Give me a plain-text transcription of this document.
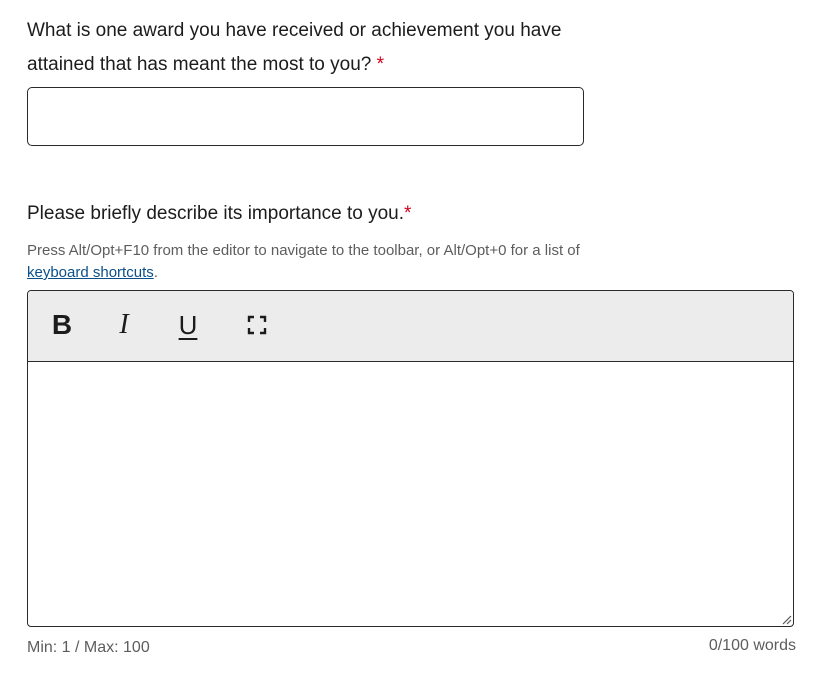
What is one award you have received or achievement you have attained that has meant the most to you? *
Please briefly describe its importance to you.*
Press Alt/Opt+F10 from the editor to navigate to the toolbar, or Alt/Opt+0 for a list of
keyboard shortcuts.
B I U
Min: 1 / Max: 100	0/100 words
